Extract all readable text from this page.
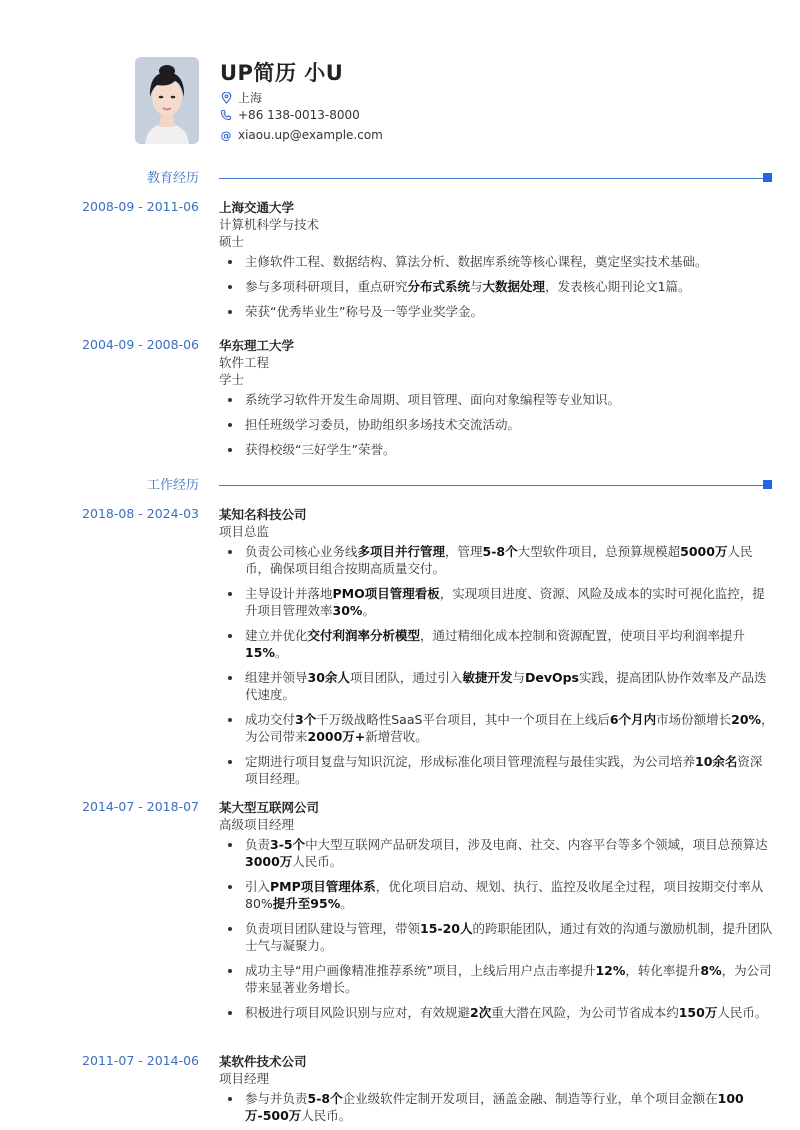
UP简历 小U
上海
+86 138-0013-8000
@ xiaou.up@example.com
教育经历
2008-09 - 2011-06 上海交通大学
计算机科学与技术
硕士
主修软件工程、数据结构、算法分析、数据库系统等核心课程，奠定坚实技术基础。
参与多项科研项目，重点研究分布式系统与大数据处理，发表核心期刊论文1篇。
荣获“优秀毕业生”称号及一等学业奖学金。
2004-09 - 2008-06 华东理工大学
软件工程
学士
系统学习软件开发生命周期、项目管理、面向对象编程等专业知识。
担任班级学习委员，协助组织多场技术交流活动。
获得校级“三好学生”荣誉。
工作经历
2018-08 - 2024-03 某知名科技公司
项目总监
负责公司核心业务线多项目并行管理，管理5-8个大型软件项目，总预算规模超5000万人民币，确保项目组合按期高质量交付。
主导设计并落地PMO项目管理看板，实现项目进度、资源、风险及成本的实时可视化监控，提升项目管理效率30%。
建立并优化交付利润率分析模型，通过精细化成本控制和资源配置，使项目平均利润率提升15%。
组建并领导30余人项目团队，通过引入敏捷开发与DevOps实践，提高团队协作效率及产品迭代速度。
成功交付3个千万级战略性SaaS平台项目，其中一个项目在上线后6个月内市场份额增长20%，为公司带来2000万+新增营收。
定期进行项目复盘与知识沉淀，形成标准化项目管理流程与最佳实践，为公司培养10余名资深项目经理。
2014-07 - 2018-07 某大型互联网公司
高级项目经理
负责3-5个中大型互联网产品研发项目，涉及电商、社交、内容平台等多个领域，项目总预算达3000万人民币。
引入PMP项目管理体系，优化项目启动、规划、执行、监控及收尾全过程，项目按期交付率从80%提升至95%。
负责项目团队建设与管理，带领15-20人的跨职能团队，通过有效的沟通与激励机制，提升团队士气与凝聚力。
成功主导“用户画像精准推荐系统”项目，上线后用户点击率提升12%，转化率提升8%，为公司带来显著业务增长。
积极进行项目风险识别与应对，有效规避2次重大潜在风险，为公司节省成本约150万人民币。
2011-07 - 2014-06 某软件技术公司
项目经理
参与并负责5-8个企业级软件定制开发项目，涵盖金融、制造等行业，单个项目金额在100万-500万人民币。
